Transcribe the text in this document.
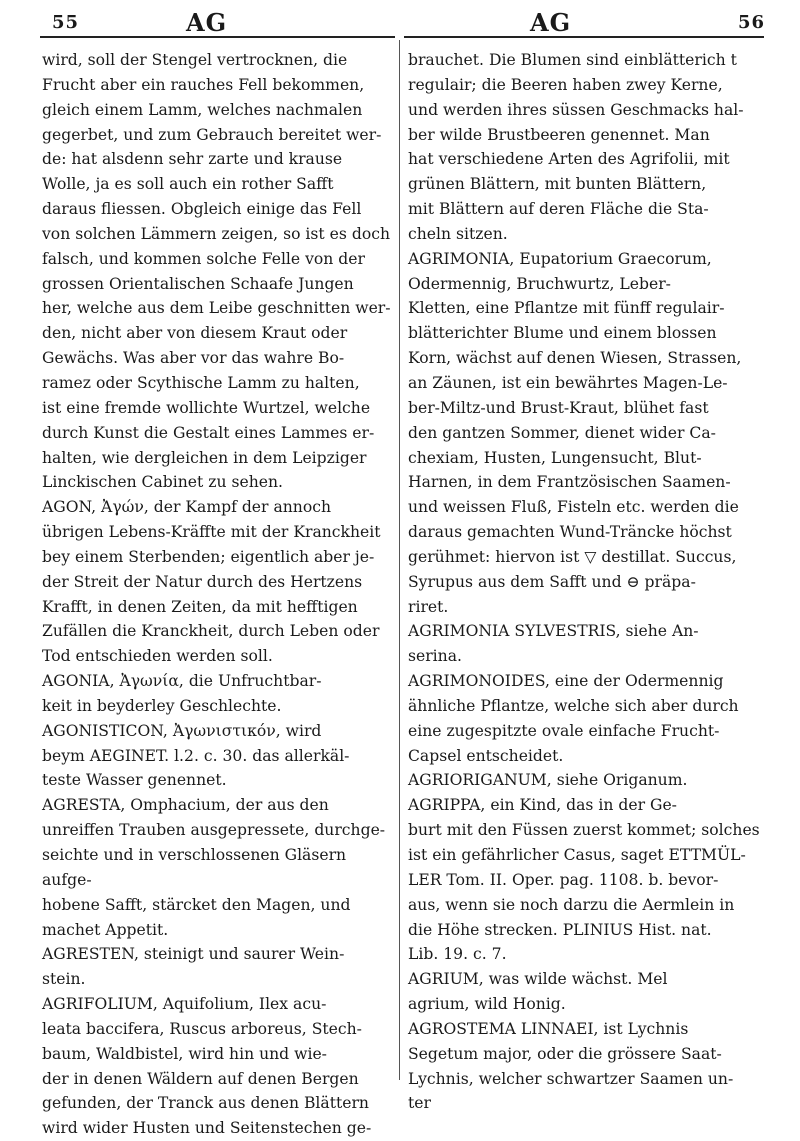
55	AG	AG	56

wird, soll der Stengel vertrocknen, die

Frucht aber ein rauches Fell bekommen,

gleich einem Lamm, welches nachmalen

gegerbet, und zum Gebrauch bereitet wer-

de: hat alsdenn sehr zarte und krause

Wolle, ja es soll auch ein rother Safft

daraus fliessen. Obgleich einige das Fell

von solchen Lämmern zeigen, so ist es doch

falsch, und kommen solche Felle von der

grossen Orientalischen Schaafe Jungen

her, welche aus dem Leibe geschnitten wer-

den, nicht aber von diesem Kraut oder

Gewächs. Was aber vor das wahre Bo-

ramez oder Scythische Lamm zu halten,

ist eine fremde wollichte Wurtzel, welche

durch Kunst die Gestalt eines Lammes er-

halten, wie dergleichen in dem Leipziger

Linckischen Cabinet zu sehen.

AGON, Ἀγών, der Kampf der annoch

übrigen Lebens-Kräffte mit der Kranckheit

bey einem Sterbenden; eigentlich aber je-

der Streit der Natur durch des Hertzens

Krafft, in denen Zeiten, da mit hefftigen

Zufällen die Kranckheit, durch Leben oder

Tod entschieden werden soll.

AGONIA, Ἀγωνία, die Unfruchtbar-

keit in beyderley Geschlechte.

AGONISTICON, Ἀγωνιστικόν, wird

beym AEGINET. l.2. c. 30. das allerkäl-

teste Wasser genennet.

AGRESTA, Omphacium, der aus den

unreiffen Trauben ausgepressete, durchge-

seichte und in verschlossenen Gläsern aufge-

hobene Safft, stärcket den Magen, und

machet Appetit.

AGRESTEN, steinigt und saurer Wein-

stein.

AGRIFOLIUM, Aquifolium, Ilex acu-

leata baccifera, Ruscus arboreus, Stech-

baum, Waldbistel, wird hin und wie-

der in denen Wäldern auf denen Bergen

gefunden, der Tranck aus denen Blättern

wird wider Husten und Seitenstechen ge-

brauchet. Die Blumen sind einblätterich t

regulair; die Beeren haben zwey Kerne,

und werden ihres süssen Geschmacks hal-

ber wilde Brustbeeren genennet. Man

hat verschiedene Arten des Agrifolii, mit

grünen Blättern, mit bunten Blättern,

mit Blättern auf deren Fläche die Sta-

cheln sitzen.

AGRIMONIA, Eupatorium Graecorum,

Odermennig, Bruchwurtz, Leber-

Kletten, eine Pflantze mit fünff regulair-

blätterichter Blume und einem blossen

Korn, wächst auf denen Wiesen, Strassen,

an Zäunen, ist ein bewährtes Magen-Le-

ber-Miltz-und Brust-Kraut, blühet fast

den gantzen Sommer, dienet wider Ca-

chexiam, Husten, Lungensucht, Blut-

Harnen, in dem Frantzösischen Saamen-

und weissen Fluß, Fisteln etc. werden die

daraus gemachten Wund-Träncke höchst

gerühmet: hiervon ist ▽ destillat. Succus,

Syrupus aus dem Safft und ⊖ präpa-

riret.

AGRIMONIA SYLVESTRIS, siehe An-

serina.

AGRIMONOIDES, eine der Odermennig

ähnliche Pflantze, welche sich aber durch

eine zugespitzte ovale einfache Frucht-

Capsel entscheidet.

AGRIORIGANUM, siehe Origanum.

AGRIPPA, ein Kind, das in der Ge-

burt mit den Füssen zuerst kommet; solches

ist ein gefährlicher Casus, saget ETTMÜL-

LER Tom. II. Oper. pag. 1108. b. bevor-

aus, wenn sie noch darzu die Aermlein in

die Höhe strecken. PLINIUS Hist. nat.

Lib. 19. c. 7.

AGRIUM, was wilde wächst. Mel

agrium, wild Honig.

AGROSTEMA LINNAEI, ist Lychnis

Segetum major, oder die grössere Saat-

Lychnis, welcher schwartzer Saamen un-

ter
